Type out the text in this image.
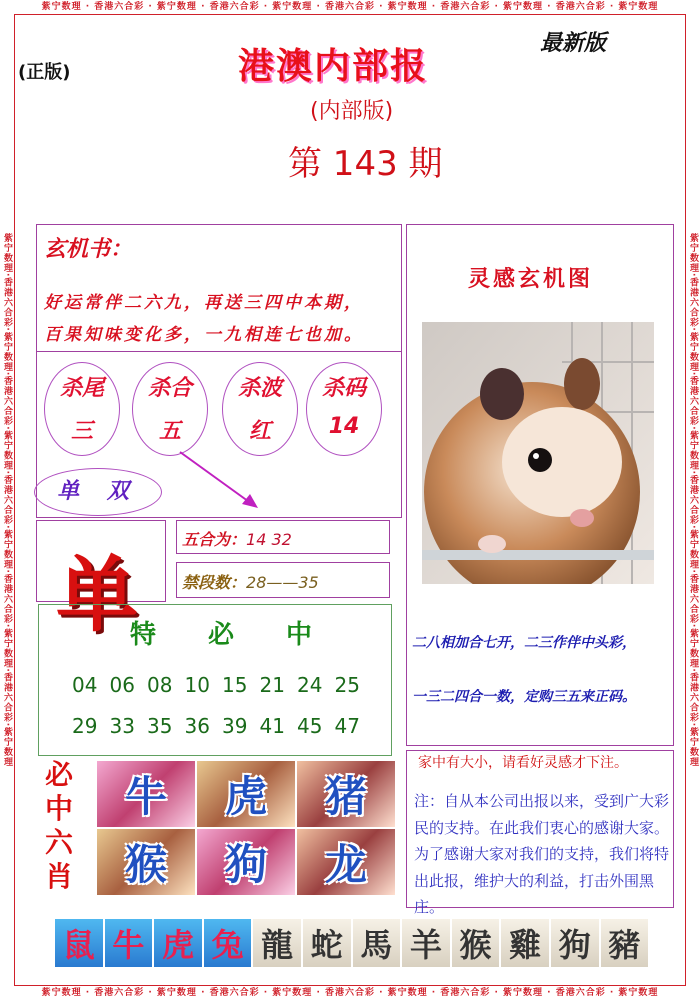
紫宁数理 · 香港六合彩 · 紫宁数理 · 香港六合彩 · 紫宁数理 · 香港六合彩 · 紫宁数理 · 香港六合彩 · 紫宁数理 · 香港六合彩 · 紫宁数理
紫宁数理 · 香港六合彩 · 紫宁数理 · 香港六合彩 · 紫宁数理 · 香港六合彩 · 紫宁数理 · 香港六合彩 · 紫宁数理 · 香港六合彩 · 紫宁数理
紫宁数理·香港六合彩·紫宁数理·香港六合彩·紫宁数理·香港六合彩·紫宁数理·香港六合彩·紫宁数理·香港六合彩·紫宁数理	紫宁数理·香港六合彩·紫宁数理·香港六合彩·紫宁数理·香港六合彩·紫宁数理·香港六合彩·紫宁数理·香港六合彩·紫宁数理
(正版)
最新版
港澳内部报
(内部版)
第 143 期
玄机书：
好运常伴二六九，再送三四中本期，
百果知味变化多，一九相连七也加。
杀尾
三
杀合
五
杀波
红
杀码
14
单 双
单
五合为：14 32
禁段数：28——35
特必中
04 06 08 10 15 21 24 25
29 33 35 36 39 41 45 47
必中六肖
牛 虎 猪
猴 狗 龙
灵感玄机图
二八相加合七开，二三作伴中头彩，
一三二四合一数，定购三五来正码。
家中有大小，请看好灵感才下注。
注：自从本公司出报以来，受到广大彩民的支持。在此我们衷心的感谢大家。为了感谢大家对我们的支持，我们将特出此报，维护大的利益，打击外围黑庄。
鼠 牛 虎 兔 龍 蛇 馬 羊 猴 雞 狗 豬
